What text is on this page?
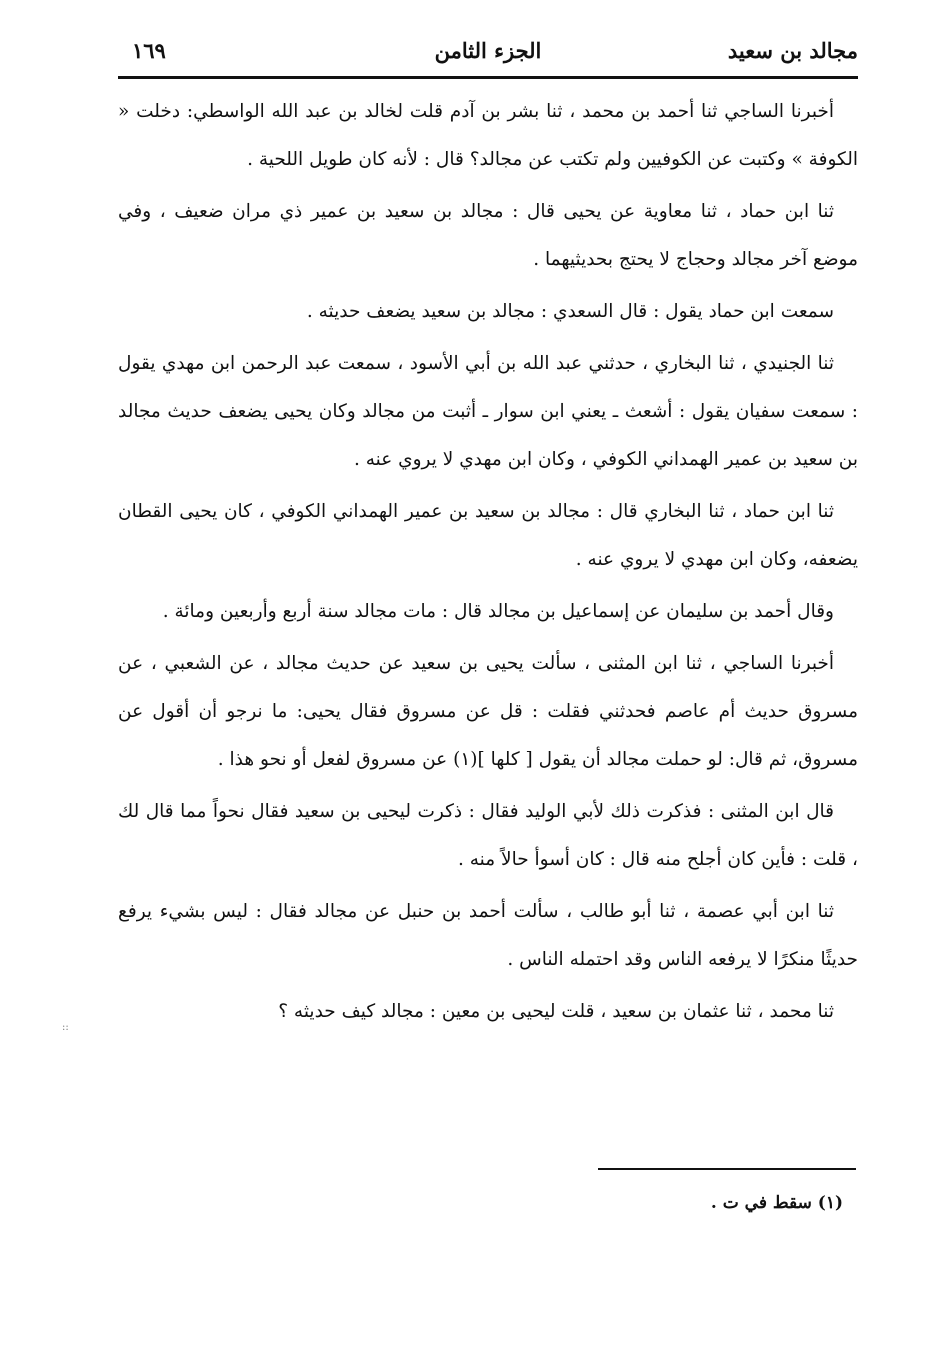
مجالد بن سعيد
الجزء الثامن
١٦٩

أخبرنا الساجي ثنا أحمد بن محمد ، ثنا بشر بن آدم قلت لخالد بن عبد الله الواسطي: دخلت « الكوفة » وكتبت عن الكوفيين ولم تكتب عن مجالد؟ قال : لأنه كان طويل اللحية .

ثنا ابن حماد ، ثنا معاوية عن يحيى قال : مجالد بن سعيد بن عمير ذي مران ضعيف ، وفي موضع آخر مجالد وحجاج لا يحتج بحديثيهما .

سمعت ابن حماد يقول : قال السعدي : مجالد بن سعيد يضعف حديثه .

ثنا الجنيدي ، ثنا البخاري ، حدثني عبد الله بن أبي الأسود ، سمعت عبد الرحمن ابن مهدي يقول : سمعت سفيان يقول : أشعث ـ يعني ابن سوار ـ أثبت من مجالد وكان يحيى يضعف حديث مجالد بن سعيد بن عمير الهمداني الكوفي ، وكان ابن مهدي لا يروي عنه .

ثنا ابن حماد ، ثنا البخاري قال : مجالد بن سعيد بن عمير الهمداني الكوفي ، كان يحيى القطان يضعفه، وكان ابن مهدي لا يروي عنه .

وقال أحمد بن سليمان عن إسماعيل بن مجالد قال : مات مجالد سنة أربع وأربعين ومائة .

أخبرنا الساجي ، ثنا ابن المثنى ، سألت يحيى بن سعيد عن حديث مجالد ، عن الشعبي ، عن مسروق حديث أم عاصم فحدثني فقلت : قل عن مسروق فقال يحيى: ما نرجو أن أقول عن مسروق، ثم قال: لو حملت مجالد أن يقول [ كلها ](١) عن مسروق لفعل أو نحو هذا .

قال ابن المثنى : فذكرت ذلك لأبي الوليد فقال : ذكرت ليحيى بن سعيد فقال نحواً مما قال لك ، قلت : فأين كان أجلح منه قال : كان أسوأ حالاً منه .

ثنا ابن أبي عصمة ، ثنا أبو طالب ، سألت أحمد بن حنبل عن مجالد فقال : ليس بشيء يرفع حديثًا منكرًا لا يرفعه الناس وقد احتمله الناس .

ثنا محمد ، ثنا عثمان بن سعيد ، قلت ليحيى بن معين : مجالد كيف حديثه ؟

::
(١) سقط في ت .
